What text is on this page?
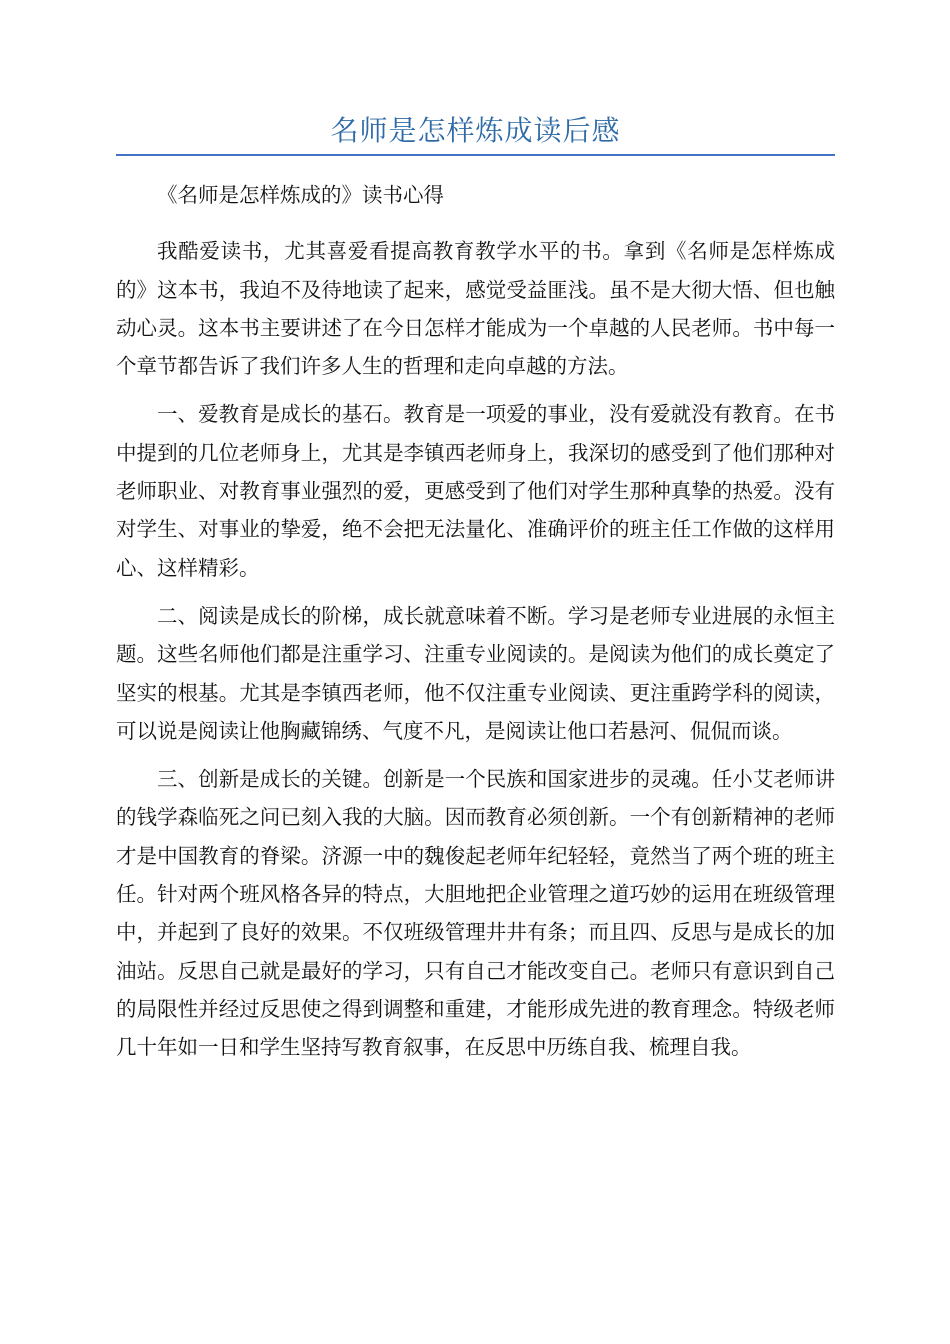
名师是怎样炼成读后感

《名师是怎样炼成的》读书心得

我酷爱读书，尤其喜爱看提高教育教学水平的书。拿到《名师是怎样炼成的》这本书，我迫不及待地读了起来，感觉受益匪浅。虽不是大彻大悟、但也触动心灵。这本书主要讲述了在今日怎样才能成为一个卓越的人民老师。书中每一个章节都告诉了我们许多人生的哲理和走向卓越的方法。

一、爱教育是成长的基石。教育是一项爱的事业，没有爱就没有教育。在书中提到的几位老师身上，尤其是李镇西老师身上，我深切的感受到了他们那种对老师职业、对教育事业强烈的爱，更感受到了他们对学生那种真挚的热爱。没有对学生、对事业的挚爱，绝不会把无法量化、准确评价的班主任工作做的这样用心、这样精彩。

二、阅读是成长的阶梯，成长就意味着不断。学习是老师专业进展的永恒主题。这些名师他们都是注重学习、注重专业阅读的。是阅读为他们的成长奠定了坚实的根基。尤其是李镇西老师，他不仅注重专业阅读、更注重跨学科的阅读，可以说是阅读让他胸藏锦绣、气度不凡，是阅读让他口若悬河、侃侃而谈。

三、创新是成长的关键。创新是一个民族和国家进步的灵魂。任小艾老师讲的钱学森临死之问已刻入我的大脑。因而教育必须创新。一个有创新精神的老师才是中国教育的脊梁。济源一中的魏俊起老师年纪轻轻，竟然当了两个班的班主任。针对两个班风格各异的特点，大胆地把企业管理之道巧妙的运用在班级管理中，并起到了良好的效果。不仅班级管理井井有条；而且四、反思与是成长的加油站。反思自己就是最好的学习，只有自己才能改变自己。老师只有意识到自己的局限性并经过反思使之得到调整和重建，才能形成先进的教育理念。特级老师几十年如一日和学生坚持写教育叙事，在反思中历练自我、梳理自我。
